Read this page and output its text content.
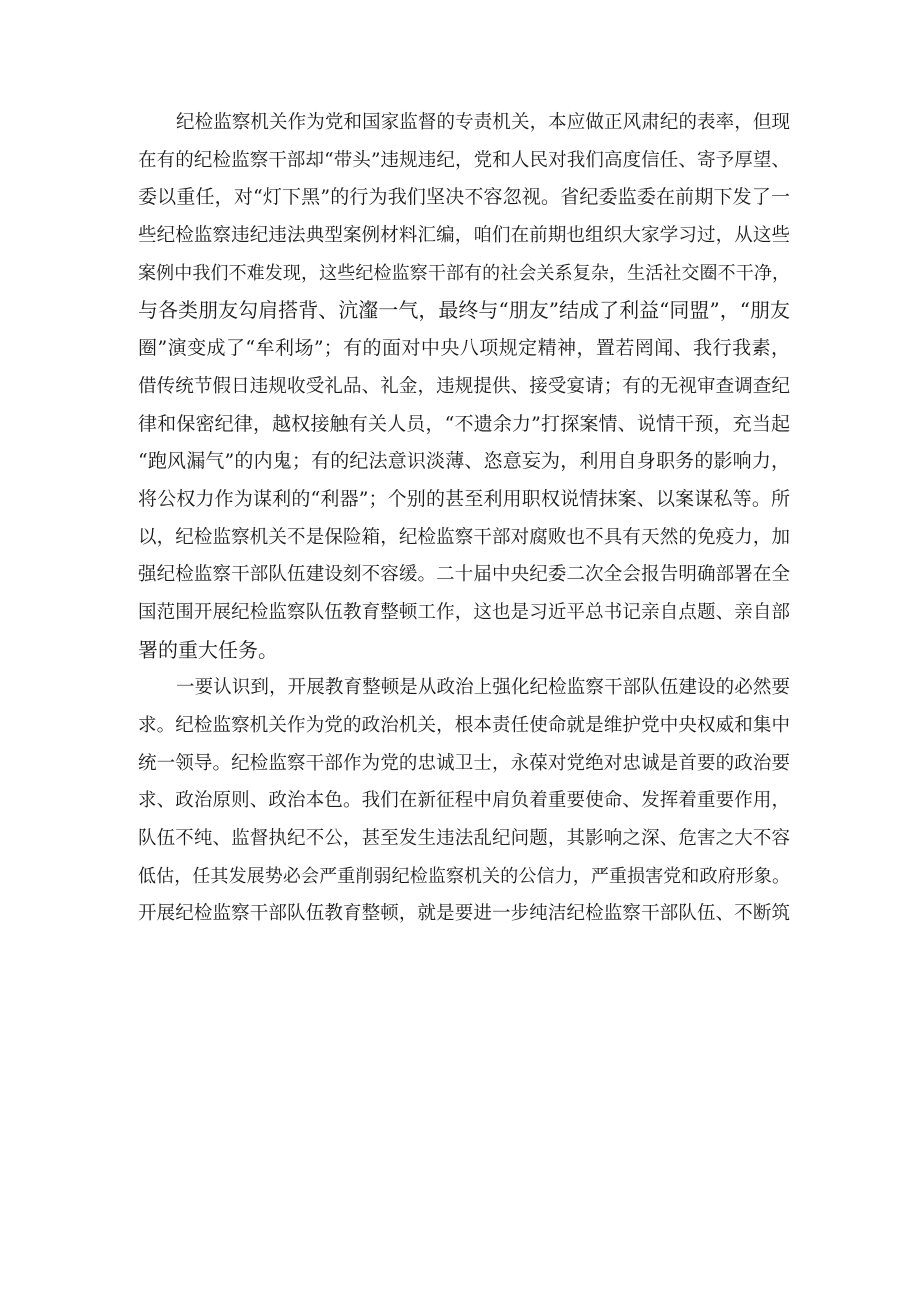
纪检监察机关作为党和国家监督的专责机关，本应做正风肃纪的表率，但现
在有的纪检监察干部却“带头”违规违纪，党和人民对我们高度信任、寄予厚望、
委以重任，对“灯下黑”的行为我们坚决不容忽视。省纪委监委在前期下发了一
些纪检监察违纪违法典型案例材料汇编，咱们在前期也组织大家学习过，从这些
案例中我们不难发现，这些纪检监察干部有的社会关系复杂，生活社交圈不干净，
与各类朋友勾肩搭背、沆瀣一气，最终与“朋友”结成了利益“同盟”，“朋友
圈”演变成了“牟利场”；有的面对中央八项规定精神，置若罔闻、我行我素，
借传统节假日违规收受礼品、礼金，违规提供、接受宴请；有的无视审查调查纪
律和保密纪律，越权接触有关人员，“不遗余力”打探案情、说情干预，充当起
“跑风漏气”的内鬼；有的纪法意识淡薄、恣意妄为，利用自身职务的影响力，
将公权力作为谋利的“利器”；个别的甚至利用职权说情抹案、以案谋私等。所
以，纪检监察机关不是保险箱，纪检监察干部对腐败也不具有天然的免疫力，加
强纪检监察干部队伍建设刻不容缓。二十届中央纪委二次全会报告明确部署在全
国范围开展纪检监察队伍教育整顿工作，这也是习近平总书记亲自点题、亲自部
署的重大任务。
一要认识到，开展教育整顿是从政治上强化纪检监察干部队伍建设的必然要
求。纪检监察机关作为党的政治机关，根本责任使命就是维护党中央权威和集中
统一领导。纪检监察干部作为党的忠诚卫士，永葆对党绝对忠诚是首要的政治要
求、政治原则、政治本色。我们在新征程中肩负着重要使命、发挥着重要作用，
队伍不纯、监督执纪不公，甚至发生违法乱纪问题，其影响之深、危害之大不容
低估，任其发展势必会严重削弱纪检监察机关的公信力，严重损害党和政府形象。
开展纪检监察干部队伍教育整顿，就是要进一步纯洁纪检监察干部队伍、不断筑
